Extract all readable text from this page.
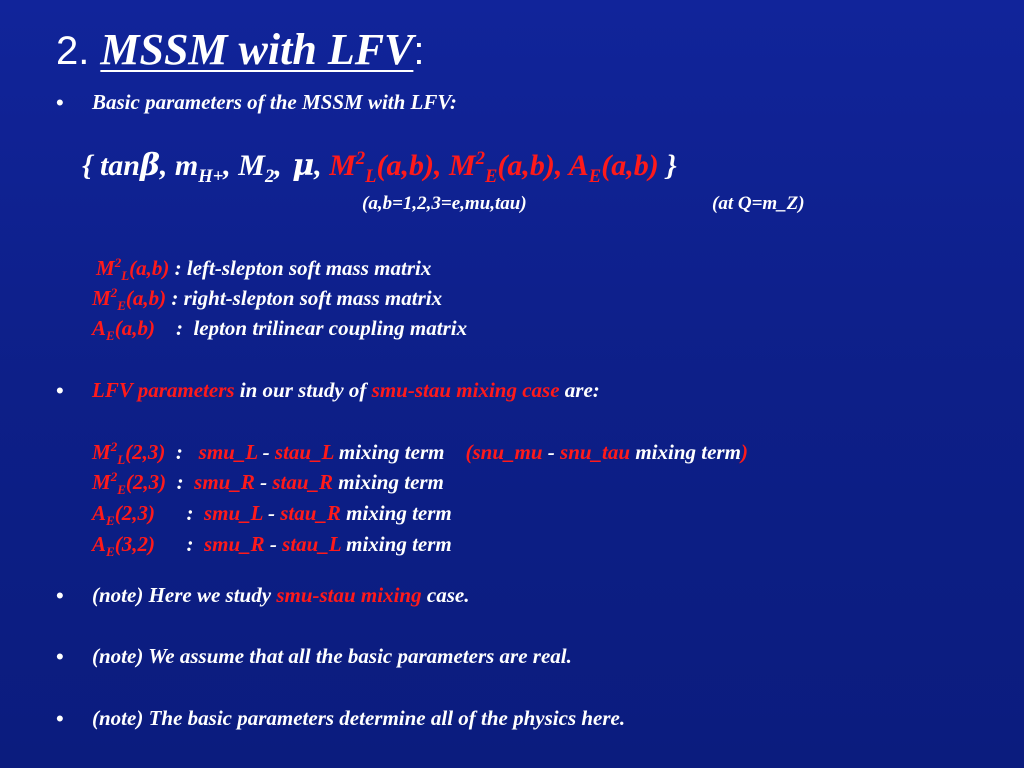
2. MSSM with LFV:
• Basic parameters of the MSSM with LFV:
{ tanβ, $m_{H+}$, $M_2$, μ, $M^2_L(a,b)$, $M^2_E(a,b)$, $A_E(a,b)$ }
(a,b=1,2,3=e,mu,tau)	(at Q=m_Z)
$M^2_L(a,b)$ : left-slepton soft mass matrix
$M^2_E(a,b)$ : right-slepton soft mass matrix
$A_E(a,b)$    :  lepton trilinear coupling matrix
• LFV parameters in our study of smu-stau mixing case are:
$M^2_L(2,3)$  :   smu_L - stau_L mixing term    (snu_mu - snu_tau mixing term)
$M^2_E(2,3)$  :  smu_R - stau_R mixing term
$A_E(2,3)$      :  smu_L - stau_R mixing term
$A_E(3,2)$      :  smu_R - stau_L mixing term
• (note) Here we study smu-stau mixing case.
• (note) We assume that all the basic parameters are real.
• (note) The basic parameters determine all of the physics here.
